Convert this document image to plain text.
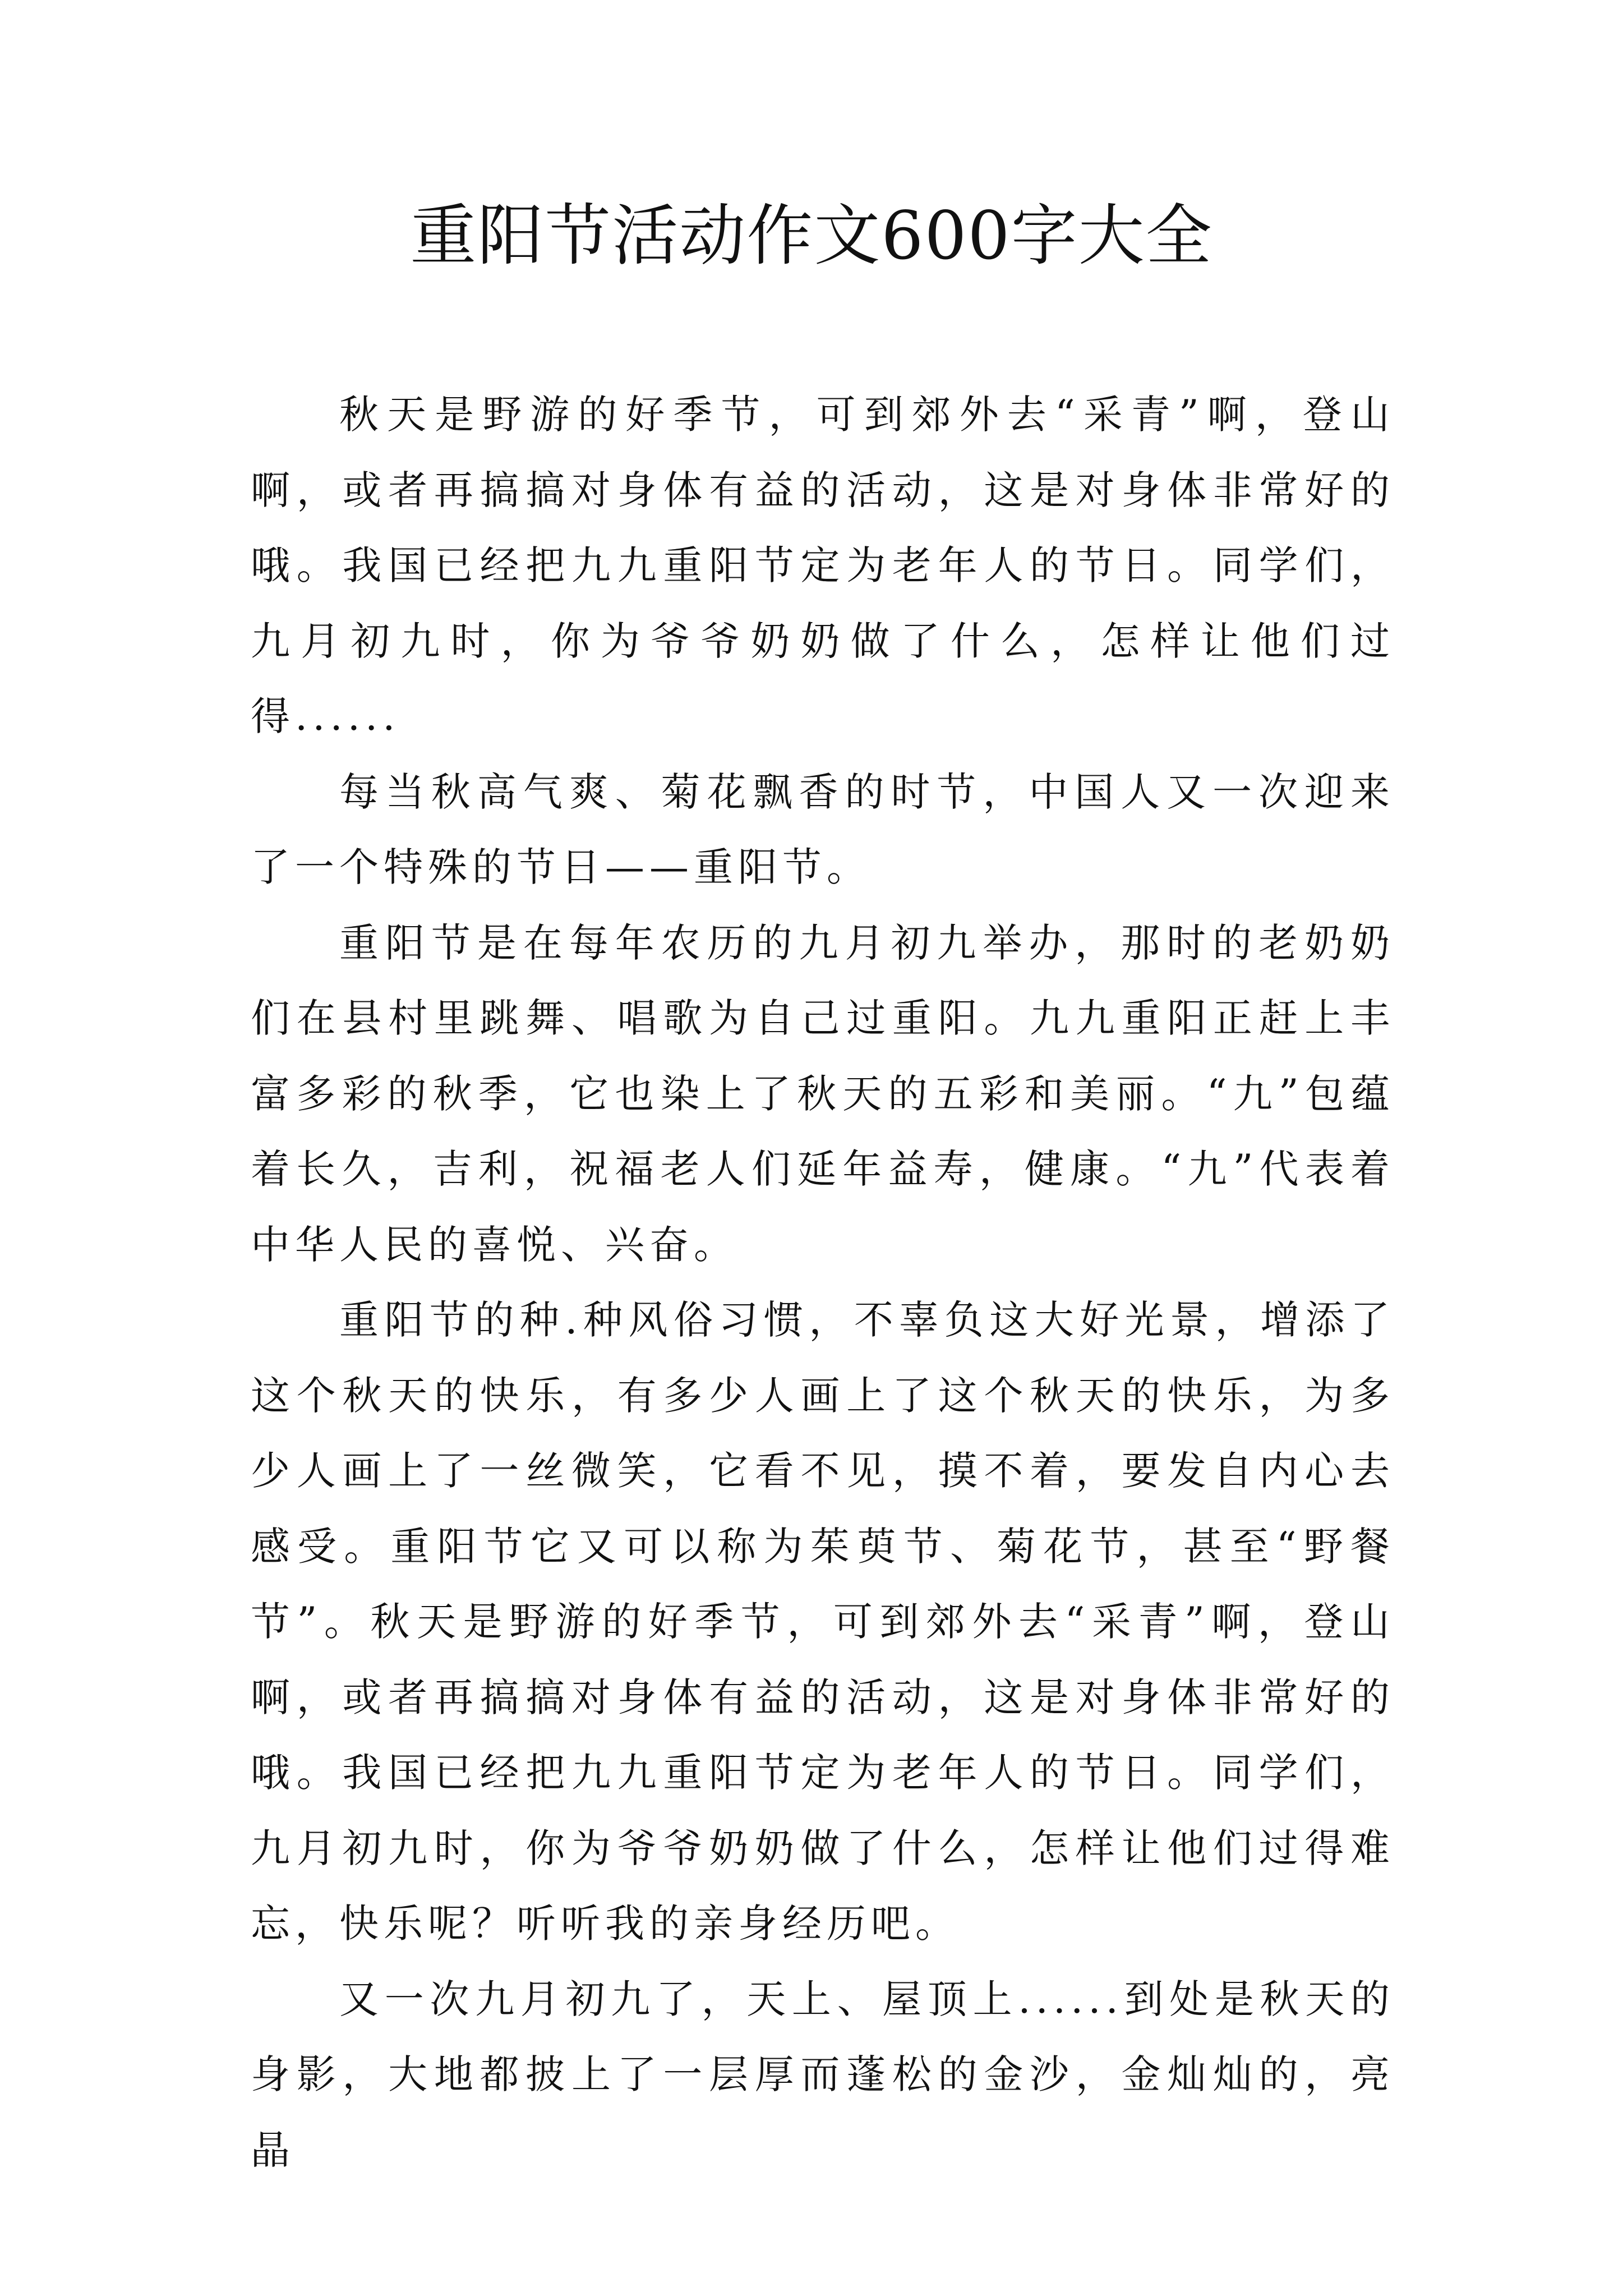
重阳节活动作文600字大全

秋天是野游的好季节，可到郊外去“采青”啊，登山啊，或者再搞搞对身体有益的活动，这是对身体非常好的哦。我国已经把九九重阳节定为老年人的节日。同学们，九月初九时，你为爷爷奶奶做了什么，怎样让他们过得......

每当秋高气爽、菊花飘香的时节，中国人又一次迎来了一个特殊的节日——重阳节。

重阳节是在每年农历的九月初九举办，那时的老奶奶们在县村里跳舞、唱歌为自己过重阳。九九重阳正赶上丰富多彩的秋季，它也染上了秋天的五彩和美丽。“九”包蕴着长久，吉利，祝福老人们延年益寿，健康。“九”代表着中华人民的喜悦、兴奋。

重阳节的种.种风俗习惯，不辜负这大好光景，增添了这个秋天的快乐，有多少人画上了这个秋天的快乐，为多少人画上了一丝微笑，它看不见，摸不着，要发自内心去感受。重阳节它又可以称为茱萸节、菊花节，甚至“野餐节”。秋天是野游的好季节，可到郊外去“采青”啊，登山啊，或者再搞搞对身体有益的活动，这是对身体非常好的哦。我国已经把九九重阳节定为老年人的节日。同学们，九月初九时，你为爷爷奶奶做了什么，怎样让他们过得难忘，快乐呢？听听我的亲身经历吧。

又一次九月初九了，天上、屋顶上......到处是秋天的身影，大地都披上了一层厚而蓬松的金沙，金灿灿的，亮晶
